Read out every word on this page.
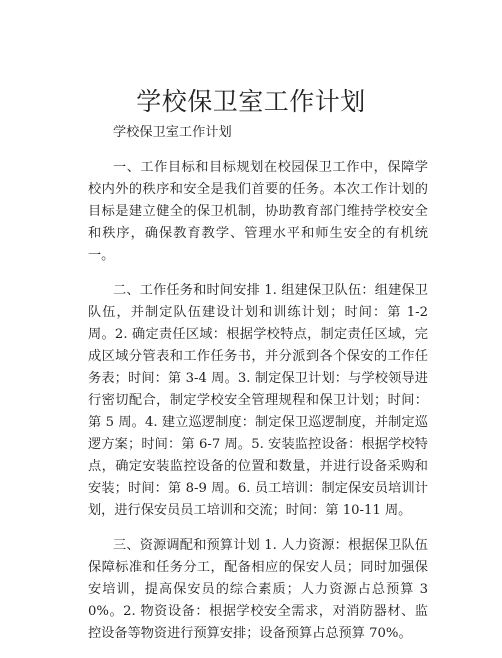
学校保卫室工作计划

学校保卫室工作计划

一、工作目标和目标规划在校园保卫工作中，保障学校内外的秩序和安全是我们首要的任务。本次工作计划的目标是建立健全的保卫机制，协助教育部门维持学校安全和秩序，确保教育教学、管理水平和师生安全的有机统一。

二、工作任务和时间安排 1. 组建保卫队伍：组建保卫队伍，并制定队伍建设计划和训练计划；时间：第 1-2 周。2. 确定责任区域：根据学校特点，制定责任区域，完成区域分管表和工作任务书，并分派到各个保安的工作任务表；时间：第 3-4 周。3. 制定保卫计划：与学校领导进行密切配合，制定学校安全管理规程和保卫计划；时间：第 5 周。4. 建立巡逻制度：制定保卫巡逻制度，并制定巡逻方案；时间：第 6-7 周。5. 安装监控设备：根据学校特点，确定安装监控设备的位置和数量，并进行设备采购和安装；时间：第 8-9 周。6. 员工培训：制定保安员培训计划，进行保安员员工培训和交流；时间：第 10-11 周。

三、资源调配和预算计划 1. 人力资源：根据保卫队伍保障标准和任务分工，配备相应的保安人员；同时加强保安培训，提高保安员的综合素质；人力资源占总预算 30%。2. 物资设备：根据学校安全需求，对消防器材、监控设备等物资进行预算安排；设备预算占总预算 70%。
